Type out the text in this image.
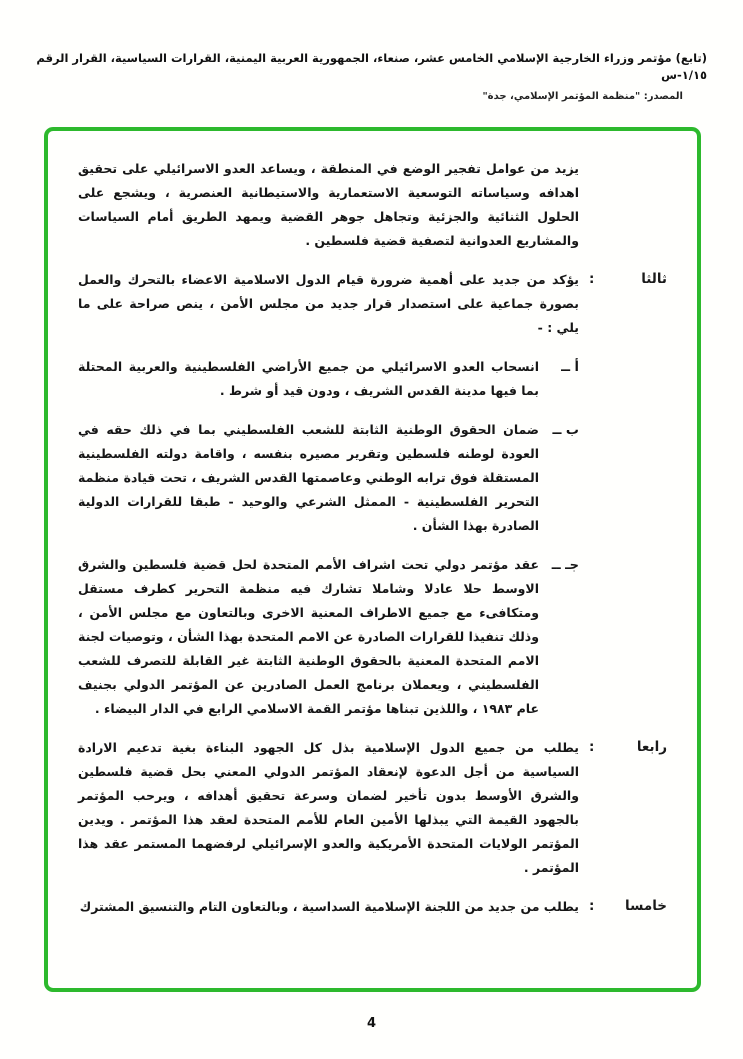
(تابع) مؤتمر وزراء الخارجية الإسلامي الخامس عشر، صنعاء، الجمهورية العربية اليمنية، القرارات السياسية، القرار الرقم ١/١٥-س
المصدر: "منظمة المؤتمر الإسلامي، جدة"

يزيد من عوامل تفجير الوضع في المنطقة ، ويساعد العدو الاسرائيلي على تحقيق اهدافه وسياساته التوسعية الاستعمارية والاستيطانية العنصرية ، ويشجع على الحلول الثنائية والجزئية وتجاهل جوهر القضية ويمهد الطريق أمام السياسات والمشاريع العدوانية لتصفية قضية فلسطين .

ثالثا
:

يؤكد من جديد على أهمية ضرورة قيام الدول الاسلامية الاعضاء بالتحرك والعمل بصورة جماعية على استصدار قرار جديد من مجلس الأمن ، ينص صراحة على ما يلي : -

أ ــ

انسحاب العدو الاسرائيلي من جميع الأراضي الفلسطينية والعربية المحتلة بما فيها مدينة القدس الشريف ، ودون قيد أو شرط .

ب ــ

ضمان الحقوق الوطنية الثابتة للشعب الفلسطيني بما في ذلك حقه في العودة لوطنه فلسطين وتقرير مصيره بنفسه ، واقامة دولته الفلسطينية المستقلة فوق ترابه الوطني وعاصمتها القدس الشريف ، تحت قيادة منظمة التحرير الفلسطينية - الممثل الشرعي والوحيد - طبقا للقرارات الدولية الصادرة بهذا الشأن .

جـ ــ

عقد مؤتمر دولي تحت اشراف الأمم المتحدة لحل قضية فلسطين والشرق الاوسط حلا عادلا وشاملا تشارك فيه منظمة التحرير كطرف مستقل ومتكافىء مع جميع الاطراف المعنية الاخرى وبالتعاون مع مجلس الأمن ، وذلك تنفيذا للقرارات الصادرة عن الامم المتحدة بهذا الشأن ، وتوصيات لجنة الامم المتحدة المعنية بالحقوق الوطنية الثابتة غير القابلة للتصرف للشعب الفلسطيني ، ويعملان برنامج العمل الصادرين عن المؤتمر الدولي بجنيف عام ١٩٨٣ ، واللذين تبناها مؤتمر القمة الاسلامي الرابع في الدار البيضاء .

رابعا
:

يطلب من جميع الدول الإسلامية بذل كل الجهود البناءة بغية تدعيم الارادة السياسية من أجل الدعوة لإنعقاد المؤتمر الدولي المعني بحل قضية فلسطين والشرق الأوسط بدون تأخير لضمان وسرعة تحقيق أهدافه ، ويرحب المؤتمر بالجهود القيمة التي يبذلها الأمين العام للأمم المتحدة لعقد هذا المؤتمر . ويدين المؤتمر الولايات المتحدة الأمريكية والعدو الإسرائيلي لرفضهما المستمر عقد هذا المؤتمر .

خامسا
:

يطلب من جديد من اللجنة الإسلامية السداسية ، وبالتعاون التام والتنسيق المشترك

4
